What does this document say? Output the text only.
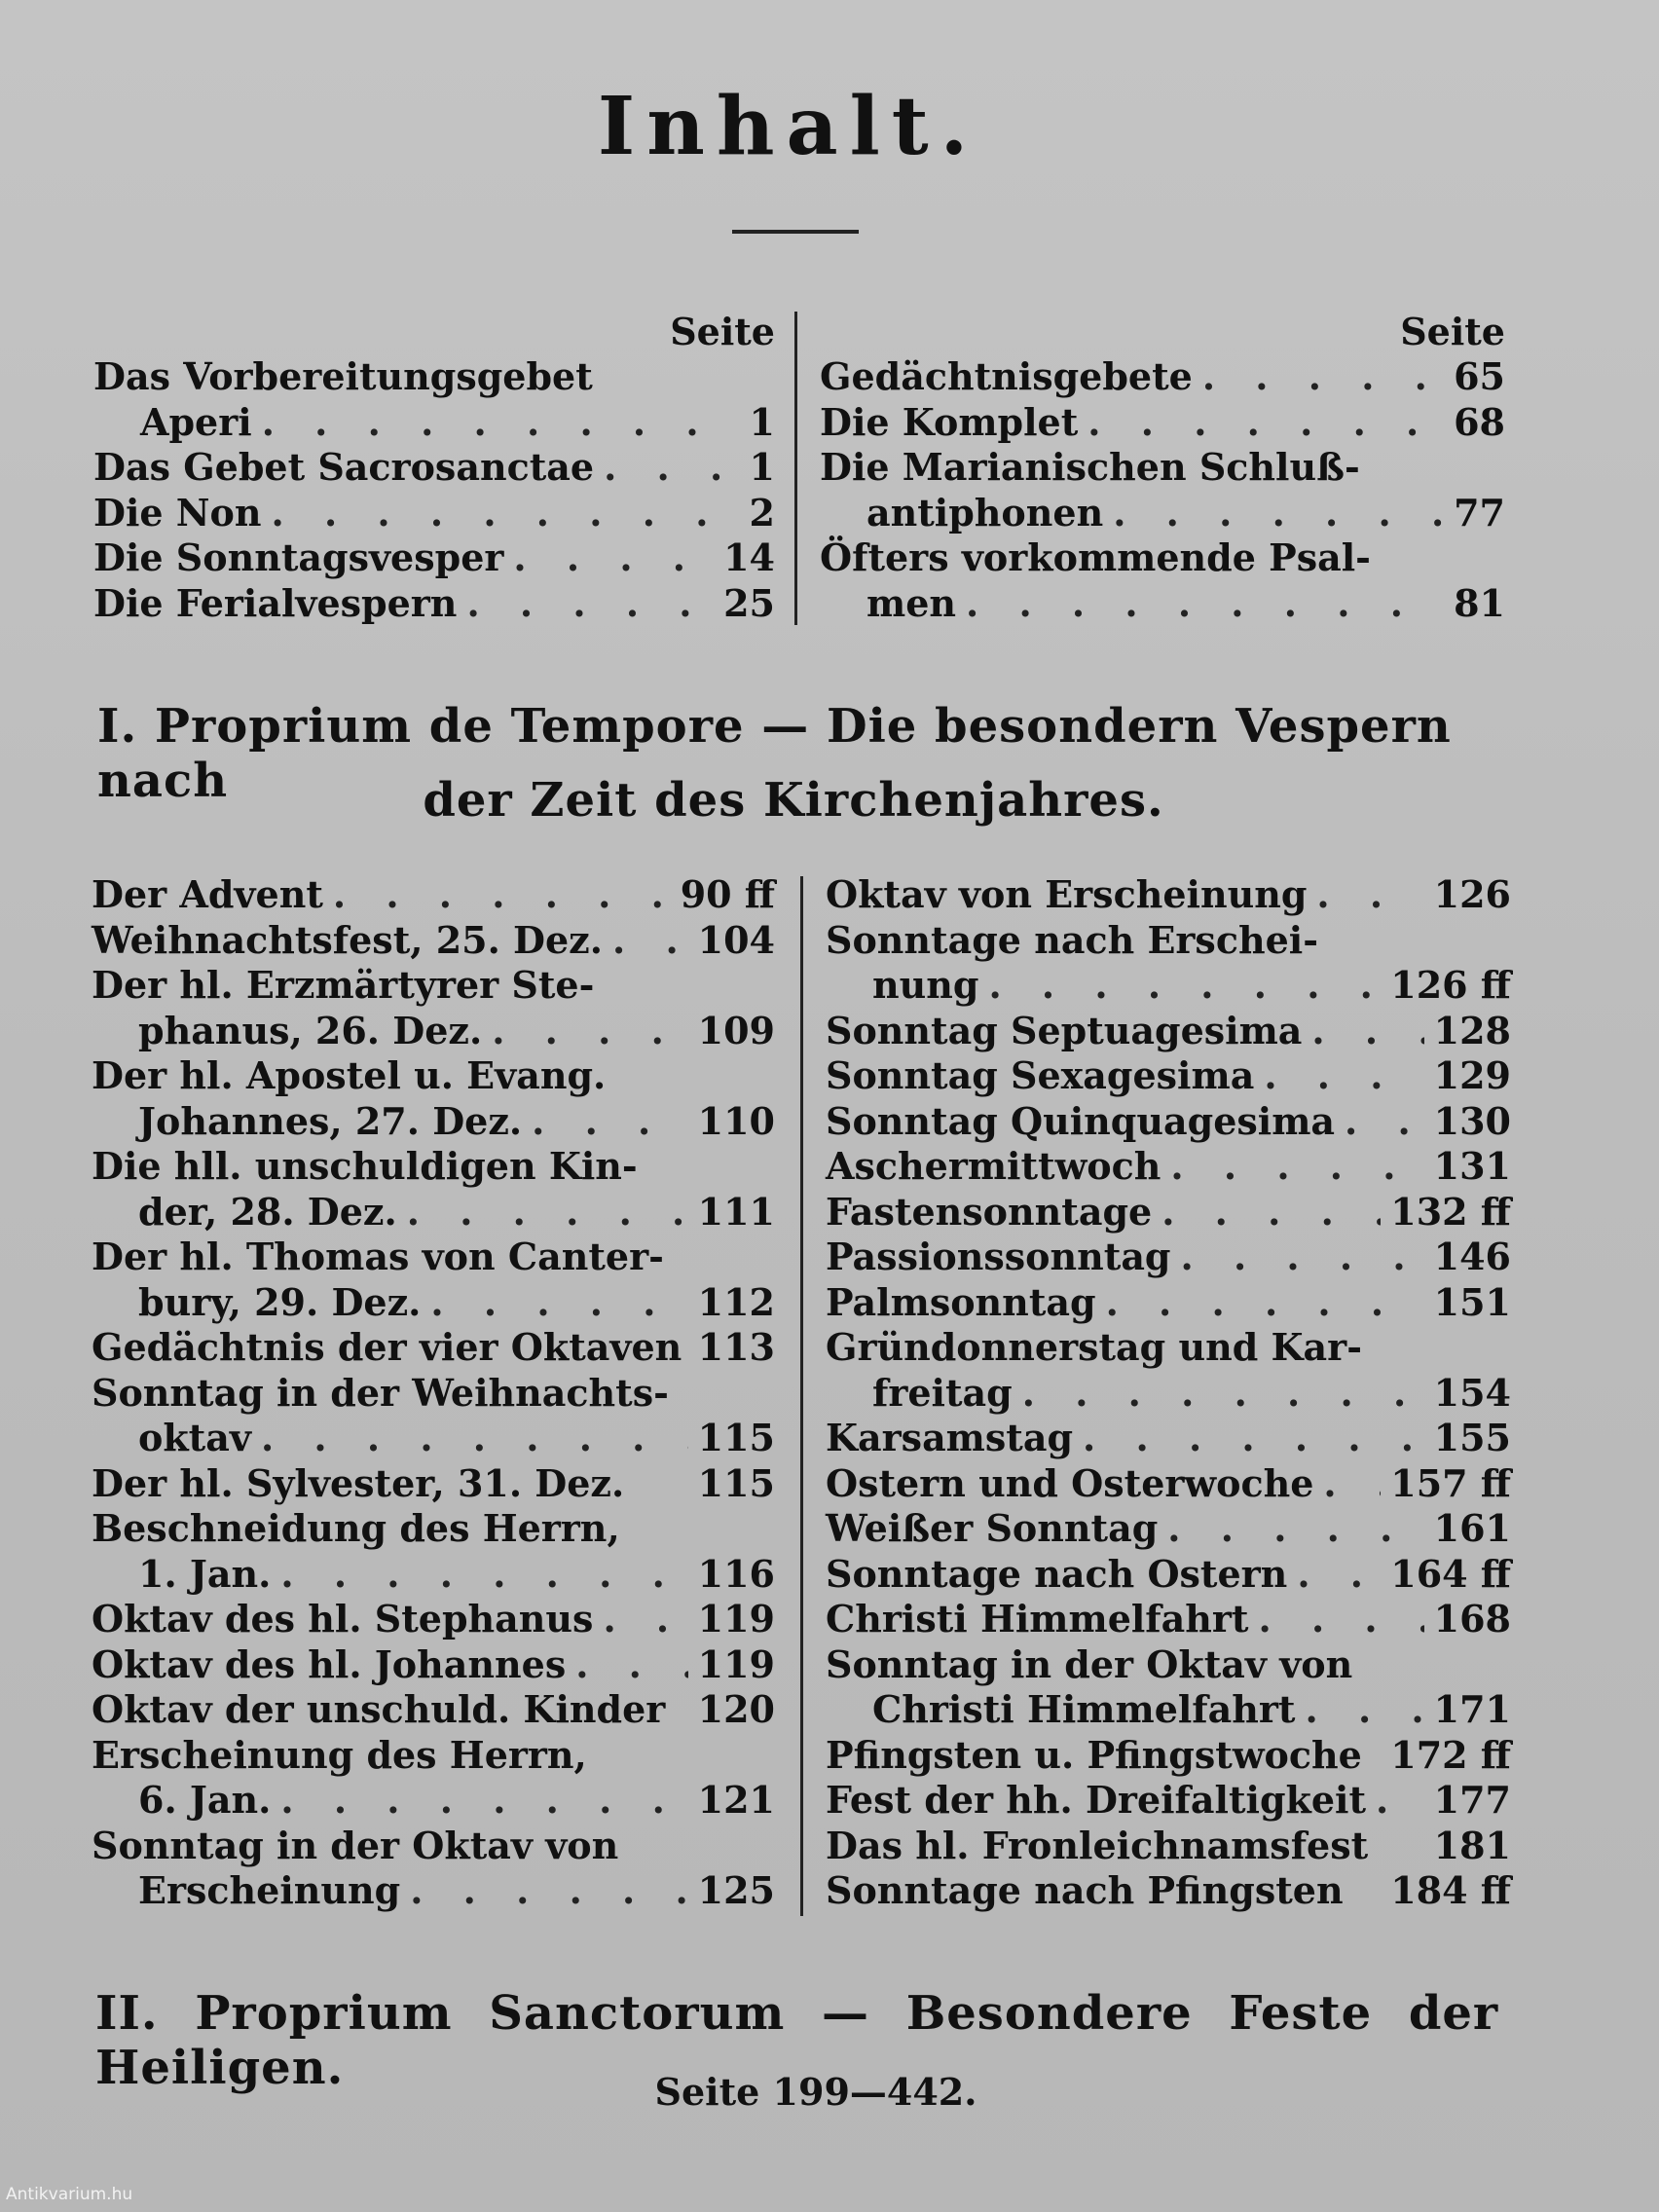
Inhalt.
Seite
Das Vorbereitungsgebet
Aperi . . .	1
Das Gebet Sacrosanctae . . .	1
Die Non . . .	2
Die Sonntagsvesper . . .	14
Die Ferialvespern . . .	25
Seite
Gedächtnisgebete . . .	65
Die Komplet . . .	68
Die Marianischen Schluß-
antiphonen . . .	77
Öfters vorkommende Psal-
men . . .	81
I. Proprium de Tempore — Die besondern Vespern nach	der Zeit des Kirchenjahres.
Der Advent . . .	90 ff
Weihnachtsfest, 25. Dez. . . .	104
Der hl. Erzmärtyrer Ste-
phanus, 26. Dez. . . .	109
Der hl. Apostel u. Evang.
Johannes, 27. Dez. . . .	110
Die hll. unschuldigen Kin-
der, 28. Dez. . . .	111
Der hl. Thomas von Canter-
bury, 29. Dez. . . .	112
Gedächtnis der vier Oktaven 113
Sonntag in der Weihnachts-
oktav . . .	115
Der hl. Sylvester, 31. Dez. 115
Beschneidung des Herrn,
1. Jan. . . .	116
Oktav des hl. Stephanus . . .	119
Oktav des hl. Johannes . . .	119
Oktav der unschuld. Kinder 120
Erscheinung des Herrn,
6. Jan. . . .	121
Sonntag in der Oktav von
Erscheinung . . .	125
Oktav von Erscheinung . . .	126
Sonntage nach Erschei-
nung . . .	126 ff
Sonntag Septuagesima . . .	128
Sonntag Sexagesima . . .	129
Sonntag Quinquagesima . . .	130
Aschermittwoch . . .	131
Fastensonntage . . .	132 ff
Passionssonntag . . .	146
Palmsonntag . . .	151
Gründonnerstag und Kar-
freitag . . .	154
Karsamstag . . .	155
Ostern und Osterwoche . . . 157 ff
Weißer Sonntag . . .	161
Sonntage nach Ostern . . .	164 ff
Christi Himmelfahrt . . .	168
Sonntag in der Oktav von
Christi Himmelfahrt . . .	171
Pfingsten u. Pfingstwoche 172 ff
Fest der hh. Dreifaltigkeit . . . 177
Das hl. Fronleichnamsfest 181
Sonntage nach Pfingsten 184 ff
II. Proprium Sanctorum — Besondere Feste der Heiligen.	Seite 199—442.
Antikvarium.hu
